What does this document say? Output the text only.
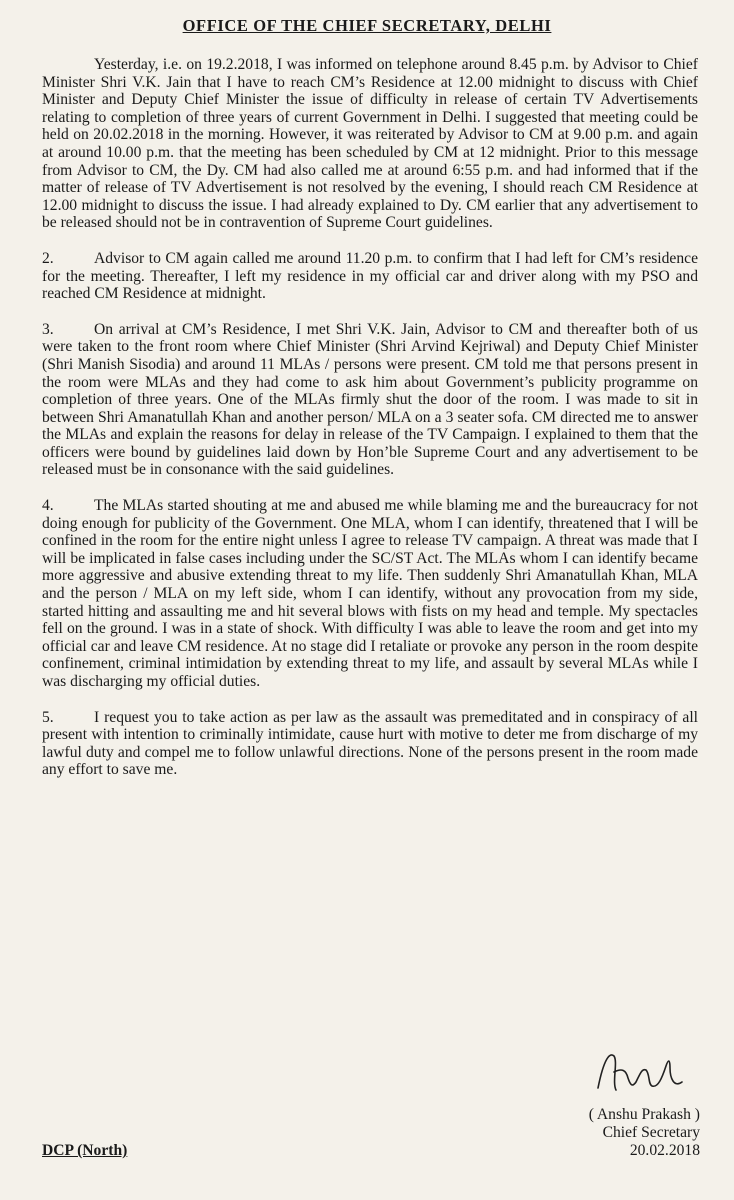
OFFICE OF THE CHIEF SECRETARY, DELHI

Yesterday, i.e. on 19.2.2018, I was informed on telephone around 8.45 p.m. by Advisor to Chief Minister Shri V.K. Jain that I have to reach CM’s Residence at 12.00 midnight to discuss with Chief Minister and Deputy Chief Minister the issue of difficulty in release of certain TV Advertisements relating to completion of three years of current Government in Delhi. I suggested that meeting could be held on 20.02.2018 in the morning. However, it was reiterated by Advisor to CM at 9.00 p.m. and again at around 10.00 p.m. that the meeting has been scheduled by CM at 12 midnight. Prior to this message from Advisor to CM, the Dy. CM had also called me at around 6:55 p.m. and had informed that if the matter of release of TV Advertisement is not resolved by the evening, I should reach CM Residence at 12.00 midnight to discuss the issue. I had already explained to Dy. CM earlier that any advertisement to be released should not be in contravention of Supreme Court guidelines.

2.	Advisor to CM again called me around 11.20 p.m. to confirm that I had left for CM’s residence for the meeting. Thereafter, I left my residence in my official car and driver along with my PSO and reached CM Residence at midnight.

3.	On arrival at CM’s Residence, I met Shri V.K. Jain, Advisor to CM and thereafter both of us were taken to the front room where Chief Minister (Shri Arvind Kejriwal) and Deputy Chief Minister (Shri Manish Sisodia) and around 11 MLAs / persons were present. CM told me that persons present in the room were MLAs and they had come to ask him about Government’s publicity programme on completion of three years. One of the MLAs firmly shut the door of the room. I was made to sit in between Shri Amanatullah Khan and another person/ MLA on a 3 seater sofa. CM directed me to answer the MLAs and explain the reasons for delay in release of the TV Campaign. I explained to them that the officers were bound by guidelines laid down by Hon’ble Supreme Court and any advertisement to be released must be in consonance with the said guidelines.

4.	The MLAs started shouting at me and abused me while blaming me and the bureaucracy for not doing enough for publicity of the Government. One MLA, whom I can identify, threatened that I will be confined in the room for the entire night unless I agree to release TV campaign. A threat was made that I will be implicated in false cases including under the SC/ST Act. The MLAs whom I can identify became more aggressive and abusive extending threat to my life. Then suddenly Shri Amanatullah Khan, MLA and the person / MLA on my left side, whom I can identify, without any provocation from my side, started hitting and assaulting me and hit several blows with fists on my head and temple. My spectacles fell on the ground. I was in a state of shock. With difficulty I was able to leave the room and get into my official car and leave CM residence. At no stage did I retaliate or provoke any person in the room despite confinement, criminal intimidation by extending threat to my life, and assault by several MLAs while I was discharging my official duties.

5.	I request you to take action as per law as the assault was premeditated and in conspiracy of all present with intention to criminally intimidate, cause hurt with motive to deter me from discharge of my lawful duty and compel me to follow unlawful directions. None of the persons present in the room made any effort to save me.

( Anshu Prakash )
Chief Secretary
20.02.2018
DCP (North)
